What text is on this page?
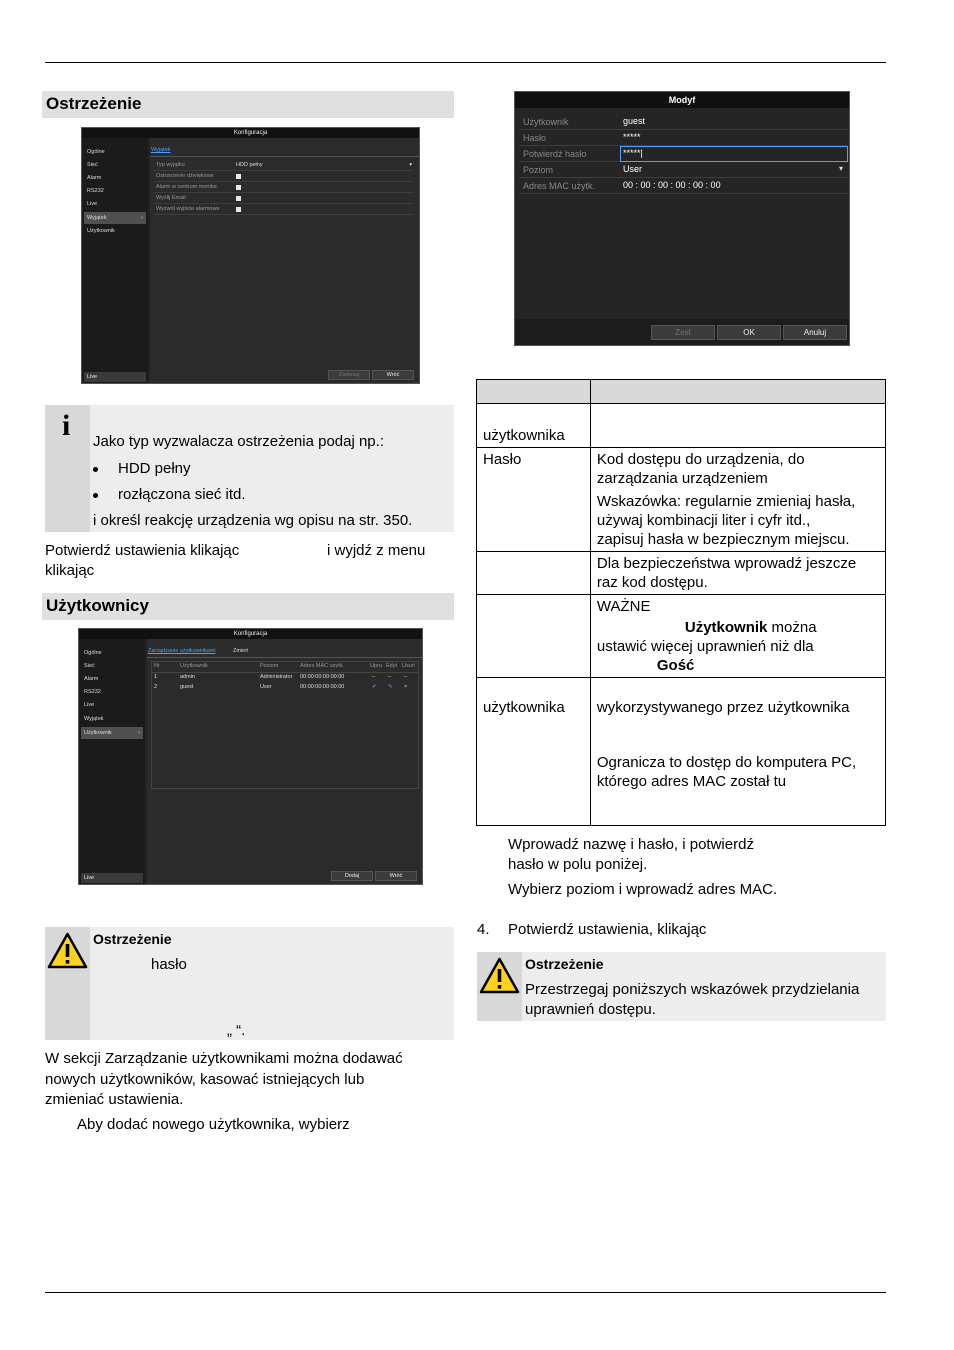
Ostrzeżenie
Konfiguracja
Ogólne
Sieć
Alarm
RS232
Live
Wyjątek	›
Użytkownik
Live
Wyjątek
Typ wyjątku	HDD pełny	▾
Ostrzeżenie dźwiękowe
Alarm w centrum monitor.
Wyślij Email
Wyzwól wyjście alarmowe
Zastosuj	Wróć
i Jako typ wyzwalacza ostrzeżenia podaj np.:
HDD pełny
rozłączona sieć itd.
i określ reakcję urządzenia wg opisu na str. 350.
Potwierdź ustawienia klikając	i wyjdź z menu
klikając
Użytkownicy
Konfiguracja
Ogólne
Sieć
Alarm
RS232
Live
Wyjątek
Użytkownik	›
Live
Zarządzanie użytkownikami	Zmień
Nr	Użytkownik	Poziom	Adres MAC użytk.	Upra Edyt Usuń
1	admin	Administrator 00:00:00:00:00:00	– – –
2	guest	User	00:00:00:00:00:00	✔ ✎ ×
Dodaj	Wróć
Ostrzeżenie
hasło
„ “.
W sekcji Zarządzanie użytkownikami można dodawać
nowych użytkowników, kasować istniejących lub
zmieniać ustawienia.
Aby dodać nowego użytkownika, wybierz
Modyf
Użytkownik	guest
Hasło	*****
Potwierdź hasło	*****|
Poziom	User	▾
Adres MAC użytk.	00 : 00 : 00 : 00 : 00 : 00
Zest	OK	Anuluj

użytkownika	
Hasło	Kod dostępu do urządzenia, do
zarządzania urządzeniem
Wskazówka: regularnie zmieniaj hasła,
używaj kombinacji liter i cyfr itd.,
zapisuj hasła w bezpiecznym miejscu.

	Dla bezpieczeństwa wprowadź jeszcze
raz kod dostępu.

	WAŻNE
Użytkownik można
ustawić więcej uprawnień niż dla
Gość

użytkownika	wykorzystywanego przez użytkownika
Ogranicza to dostęp do komputera PC,
którego adres MAC został tu
Wprowadź nazwę i hasło, i potwierdź
hasło w polu poniżej.
Wybierz poziom i wprowadź adres MAC.
4. Potwierdź ustawienia, klikając
Ostrzeżenie
Przestrzegaj poniższych wskazówek przydzielania
uprawnień dostępu.
